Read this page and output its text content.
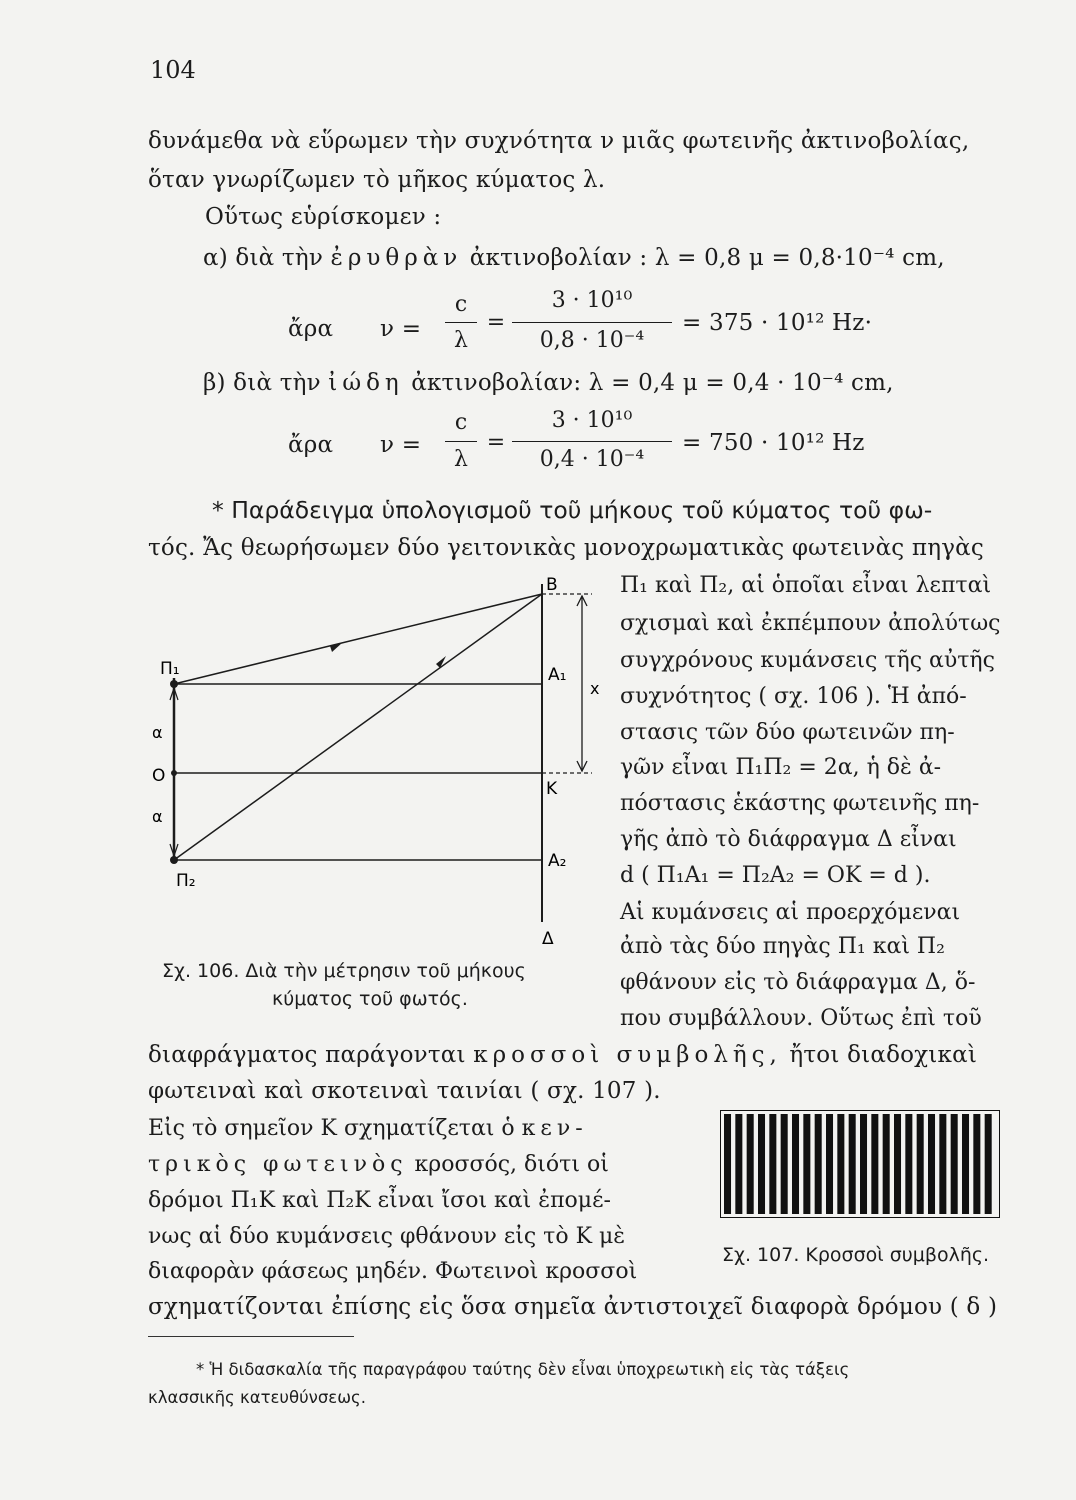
104
δυνάμεθα νὰ εὕρωμεν τὴν συχνότητα ν μιᾶς φωτεινῆς ἀκτινοβολίας,
ὅταν γνωρίζωμεν τὸ μῆκος κύματος λ.
Οὕτως εὑρίσκομεν :
α) διὰ τὴν ἐρυθρὰν ἀκτινοβολίαν : λ = 0,8 μ = 0,8·10⁻⁴ cm,
ἄρα ν =
c
λ
=
3 · 10¹⁰
0,8 · 10⁻⁴
= 375 · 10¹² Hz·
β) διὰ τὴν ἰώδη ἀκτινοβολίαν: λ = 0,4 μ = 0,4 · 10⁻⁴ cm,
ἄρα ν =
c
λ
=
3 · 10¹⁰
0,4 · 10⁻⁴
= 750 · 10¹² Hz
* Παράδειγμα ὑπολογισμοῦ τοῦ μήκους τοῦ κύματος τοῦ φω-
τός. Ἄς θεωρήσωμεν δύο γειτονικὰς μονοχρωματικὰς φωτεινὰς πηγὰς
Π₁
Π₂
O
α
α
B
A₁
K
A₂
Δ
x
Σχ. 106. Διὰ τὴν μέτρησιν τοῦ μήκους
κύματος τοῦ φωτός.
Π₁ καὶ Π₂, αἱ ὁποῖαι εἶναι λεπταὶ
σχισμαὶ καὶ ἐκπέμπουν ἀπολύτως
συγχρόνους κυμάνσεις τῆς αὐτῆς
συχνότητος ( σχ. 106 ). Ἡ ἀπό-
στασις τῶν δύο φωτεινῶν πη-
γῶν εἶναι Π₁Π₂ = 2α, ἡ δὲ ἀ-
πόστασις ἑκάστης φωτεινῆς πη-
γῆς ἀπὸ τὸ διάφραγμα Δ εἶναι
d ( Π₁A₁ = Π₂A₂ = OK = d ).
Αἱ κυμάνσεις αἱ προερχόμεναι
ἀπὸ τὰς δύο πηγὰς Π₁ καὶ Π₂
φθάνουν εἰς τὸ διάφραγμα Δ, ὅ-
που συμβάλλουν. Οὕτως ἐπὶ τοῦ
διαφράγματος παράγονται κροσσοὶ συμβολῆς, ἤτοι διαδοχικαὶ
φωτειναὶ καὶ σκοτειναὶ ταινίαι ( σχ. 107 ).
Εἰς τὸ σημεῖον K σχηματίζεται ὁ κεν-
τρικὸς φωτεινὸς κροσσός, διότι οἱ
δρόμοι Π₁K καὶ Π₂K εἶναι ἴσοι καὶ ἐπομέ-
νως αἱ δύο κυμάνσεις φθάνουν εἰς τὸ K μὲ
διαφορὰν φάσεως μηδέν. Φωτεινοὶ κροσσοὶ
Σχ. 107. Κροσσοὶ συμβολῆς.
σχηματίζονται ἐπίσης εἰς ὅσα σημεῖα ἀντιστοιχεῖ διαφορὰ δρόμου ( δ )
* Ἡ διδασκαλία τῆς παραγράφου ταύτης δὲν εἶναι ὑποχρεωτικὴ εἰς τὰς τάξεις
κλασσικῆς κατευθύνσεως.
